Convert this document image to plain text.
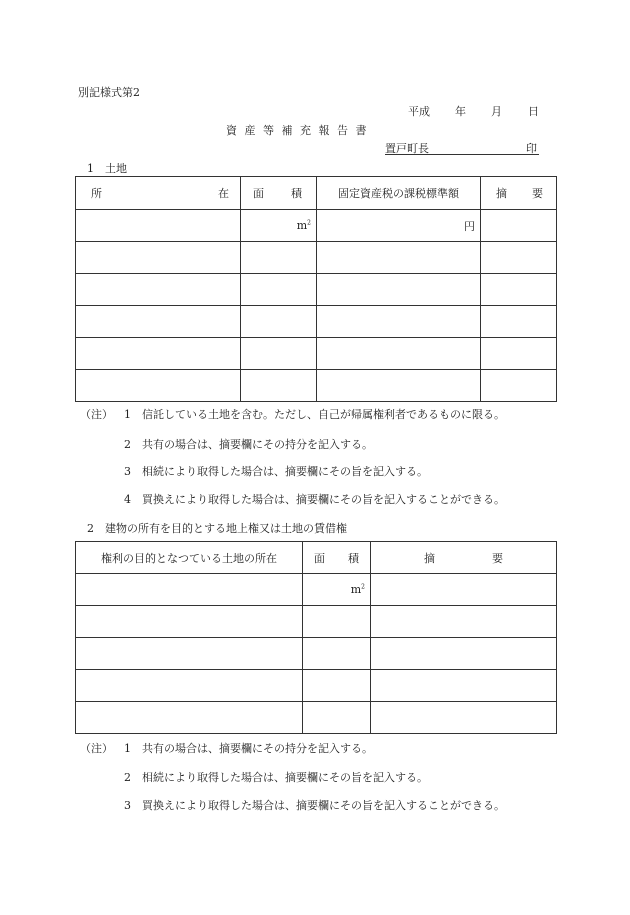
別記様式第2
平成 年 月 日
資 産 等 補 充 報 告 書
置戸町長	印
1　土地
所 在	面 積	固定資産税の課税標準額	摘 要

	$m^2$	円	

（注） 1　 信託している土地を含む。ただし、自己が帰属権利者であるものに限る。
2　 共有の場合は、摘要欄にその持分を記入する。
3　 相続により取得した場合は、摘要欄にその旨を記入する。
4　 買換えにより取得した場合は、摘要欄にその旨を記入することができる。
2　建物の所有を目的とする地上権又は土地の賃借権
権利の目的となつている土地の所在	面 積	摘 要

	$m^2$	

（注） 1　 共有の場合は、摘要欄にその持分を記入する。
2　 相続により取得した場合は、摘要欄にその旨を記入する。
3　 買換えにより取得した場合は、摘要欄にその旨を記入することができる。
